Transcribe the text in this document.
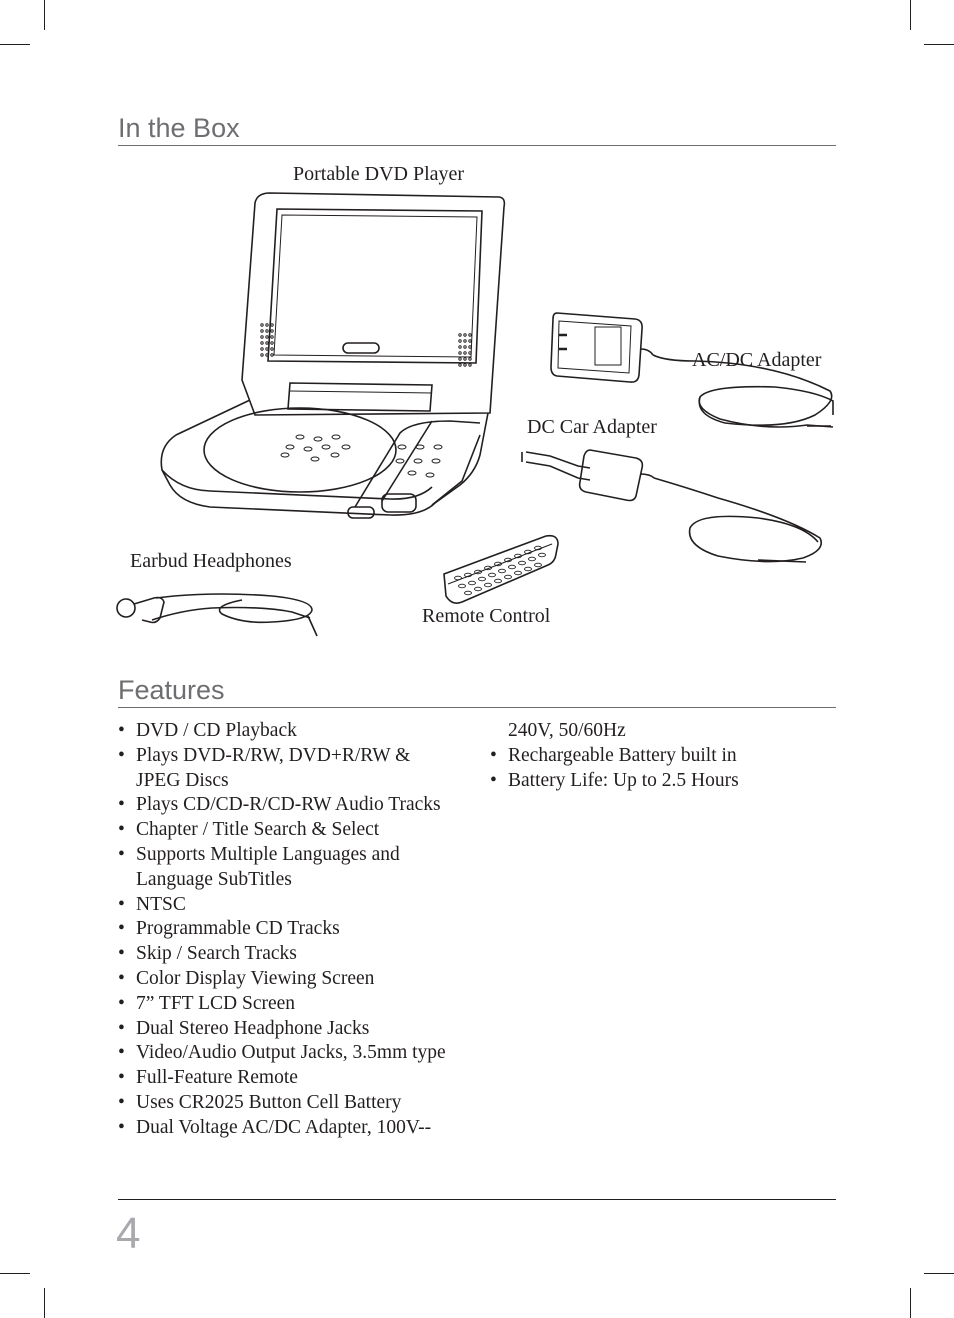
In the Box
Portable DVD Player
AC/DC Adapter
DC Car Adapter
Earbud Headphones
Remote Control
Features
• DVD / CD Playback
• Plays DVD-R/RW, DVD+R/RW &
JPEG Discs
• Plays CD/CD-R/CD-RW Audio Tracks
• Chapter / Title Search & Select
• Supports Multiple Languages and
Language SubTitles
• NTSC
• Programmable CD Tracks
• Skip / Search Tracks
• Color Display Viewing Screen
• 7” TFT LCD Screen
• Dual Stereo Headphone Jacks
• Video/Audio Output Jacks, 3.5mm type
• Full-Feature Remote
• Uses CR2025 Button Cell Battery
• Dual Voltage AC/DC Adapter, 100V--
240V, 50/60Hz
• Rechargeable Battery built in
• Battery Life: Up to 2.5 Hours
4
